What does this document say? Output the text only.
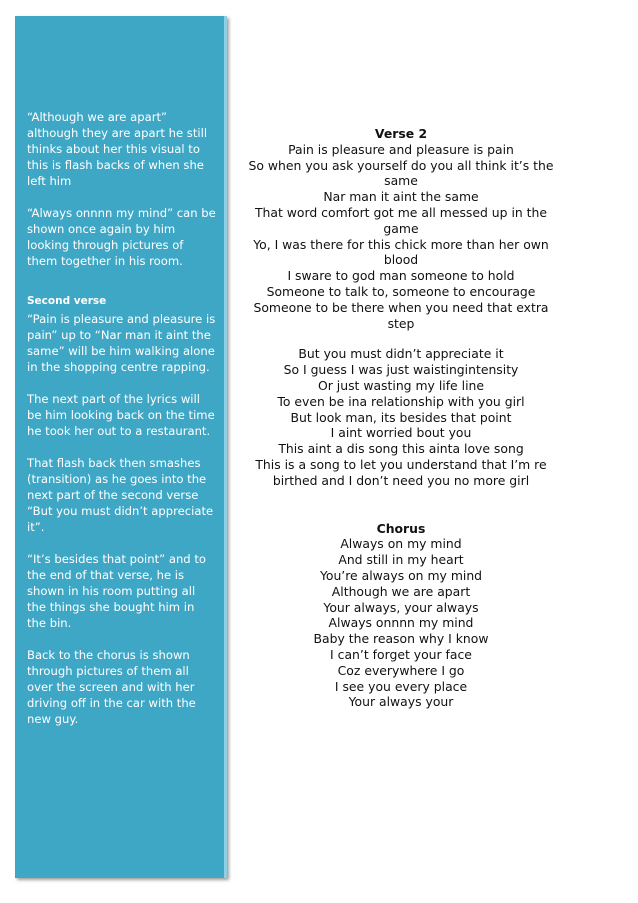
“Although we are apart” although they are apart he still thinks about her this visual to this is flash backs of when she left him

“Always onnnn my mind” can be shown once again by him looking through pictures of them together in his room.

Second verse

“Pain is pleasure and pleasure is pain” up to “Nar man it aint the same” will be him walking alone in the shopping centre rapping.

The next part of the lyrics will be him looking back on the time he took her out to a restaurant.

That flash back then smashes (transition) as he goes into the next part of the second verse “But you must didn’t appreciate it”.

“It’s besides that point” and to the end of that verse, he is shown in his room putting all the things she bought him in the bin.

Back to the chorus is shown through pictures of them all over the screen and with her driving off in the car with the new guy.

Verse 2

Pain is pleasure and pleasure is pain

So when you ask yourself do you all think it’s the same

Nar man it aint the same

That word comfort got me all messed up in the game

Yo, I was there for this chick more than her own blood

I sware to god man someone to hold

Someone to talk to, someone to encourage

Someone to be there when you need that extra step

But you must didn’t appreciate it

So I guess I was just waistingintensity

Or just wasting my life line

To even be ina relationship with you girl

But look man, its besides that point

I aint worried bout you

This aint a dis song this ainta love song

This is a song to let you understand that I’m re birthed and I don’t need you no more girl

Chorus

Always on my mind

And still in my heart

You’re always on my mind

Although we are apart

Your always, your always

Always onnnn my mind

Baby the reason why I know

I can’t forget your face

Coz everywhere I go

I see you every place

Your always your
